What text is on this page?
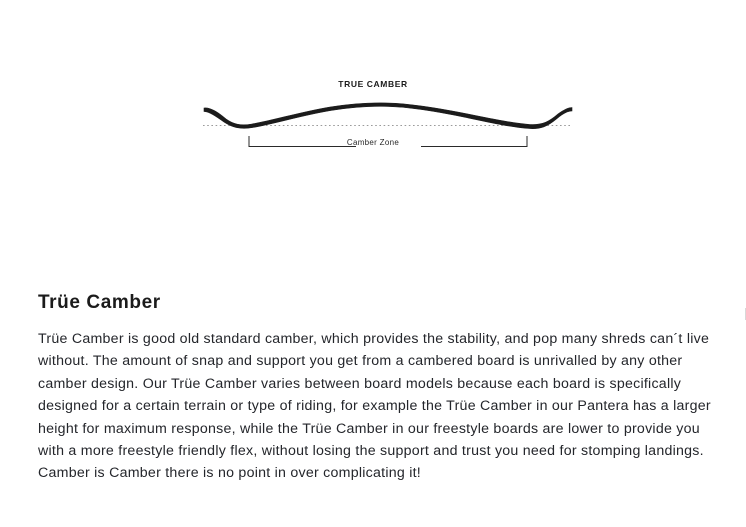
TRUE CAMBER
Camber Zone
Trüe Camber

Trüe Camber is good old standard camber, which provides the stability, and pop many shreds can´t live without. The amount of snap and support you get from a cambered board is unrivalled by any other camber design. Our Trüe Camber varies between board models because each board is specifically designed for a certain terrain or type of riding, for example the Trüe Camber in our Pantera has a larger height for maximum response, while the Trüe Camber in our freestyle boards are lower to provide you with a more freestyle friendly flex, without losing the support and trust you need for stomping landings. Camber is Camber there is no point in over complicating it!
